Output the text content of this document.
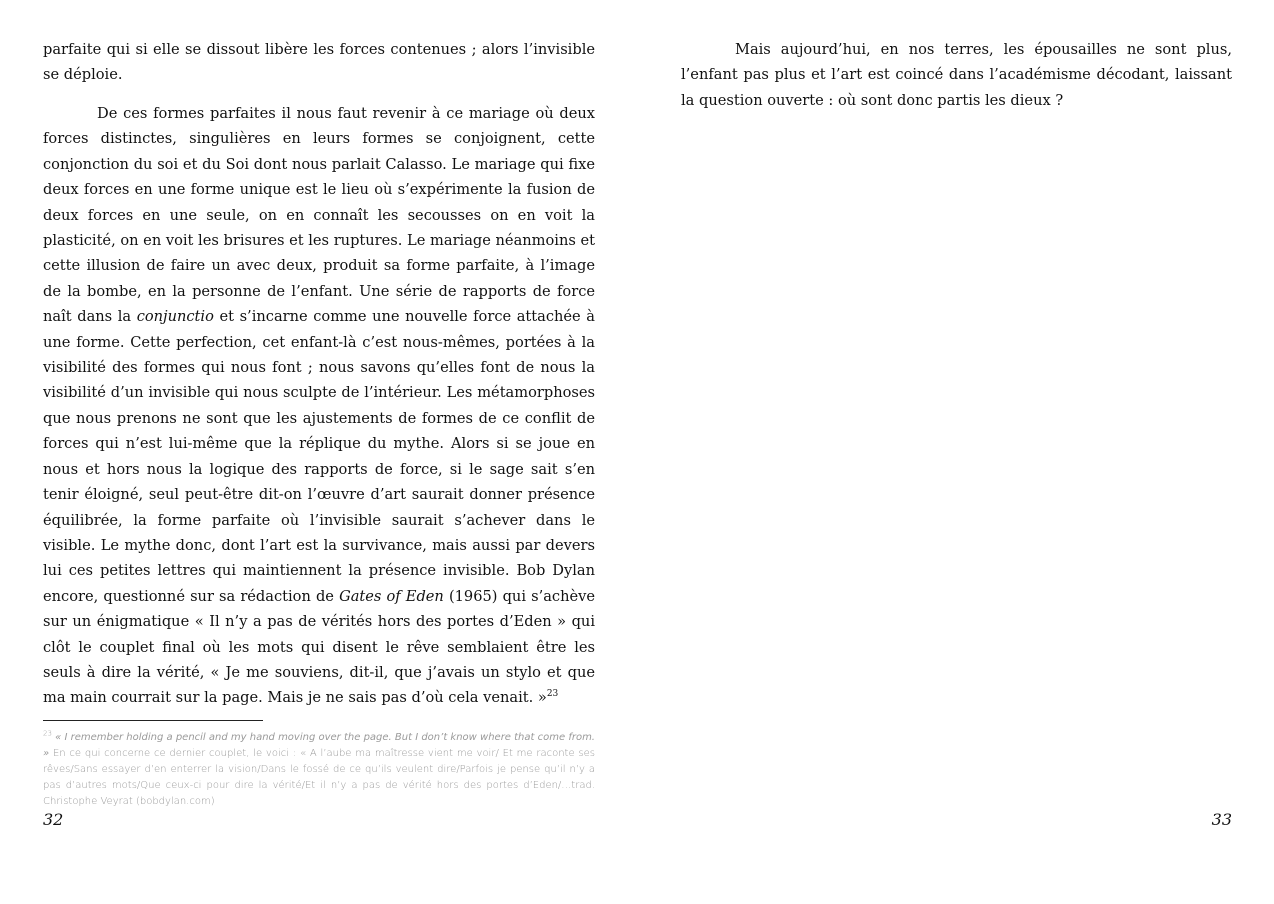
parfaite qui si elle se dissout libère les forces contenues ; alors l’invisible se déploie.

De ces formes parfaites il nous faut revenir à ce mariage où deux forces distinctes, singulières en leurs formes se conjoignent, cette conjonction du soi et du Soi dont nous parlait Calasso. Le mariage qui fixe deux forces en une forme unique est le lieu où s’expérimente la fusion de deux forces en une seule, on en connaît les secousses on en voit la plasticité, on en voit les brisures et les ruptures. Le mariage néanmoins et cette illusion de faire un avec deux, produit sa forme parfaite, à l’image de la bombe, en la personne de l’enfant. Une série de rapports de force naît dans la conjunctio et s’incarne comme une nouvelle force attachée à une forme. Cette perfection, cet enfant-là c’est nous-mêmes, portées à la visibilité des formes qui nous font ; nous savons qu’elles font de nous la visibilité d’un invisible qui nous sculpte de l’intérieur. Les métamorphoses que nous prenons ne sont que les ajustements de formes de ce conflit de forces qui n’est lui-même que la réplique du mythe. Alors si se joue en nous et hors nous la logique des rapports de force, si le sage sait s’en tenir éloigné, seul peut-être dit-on l’œuvre d’art saurait donner présence équilibrée, la forme parfaite où l’invisible saurait s’achever dans le visible. Le mythe donc, dont l’art est la survivance, mais aussi par devers lui ces petites lettres qui maintiennent la présence invisible. Bob Dylan encore, questionné sur sa rédaction de Gates of Eden (1965) qui s’achève sur un énigmatique « Il n’y a pas de vérités hors des portes d’Eden » qui clôt le couplet final où les mots qui disent le rêve semblaient être les seuls à dire la vérité, « Je me souviens, dit-il, que j’avais un stylo et que ma main courrait sur la page. Mais je ne sais pas d’où cela venait. »$^{23}$

$^{23}$ « I remember holding a pencil and my hand moving over the page. But I don’t know where that come from. » En ce qui concerne ce dernier couplet, le voici : « A l’aube ma maîtresse vient me voir/ Et me raconte ses rêves/Sans essayer d’en enterrer la vision/Dans le fossé de ce qu’ils veulent dire/Parfois je pense qu’il n’y a pas d’autres mots/Que ceux-ci pour dire la vérité/Et il n’y a pas de vérité hors des portes d’Eden/…trad. Christophe Veyrat (bobdylan.com)

32

Mais aujourd’hui, en nos terres, les épousailles ne sont plus, l’enfant pas plus et l’art est coincé dans l’académisme décodant, laissant la question ouverte : où sont donc partis les dieux ?

33
